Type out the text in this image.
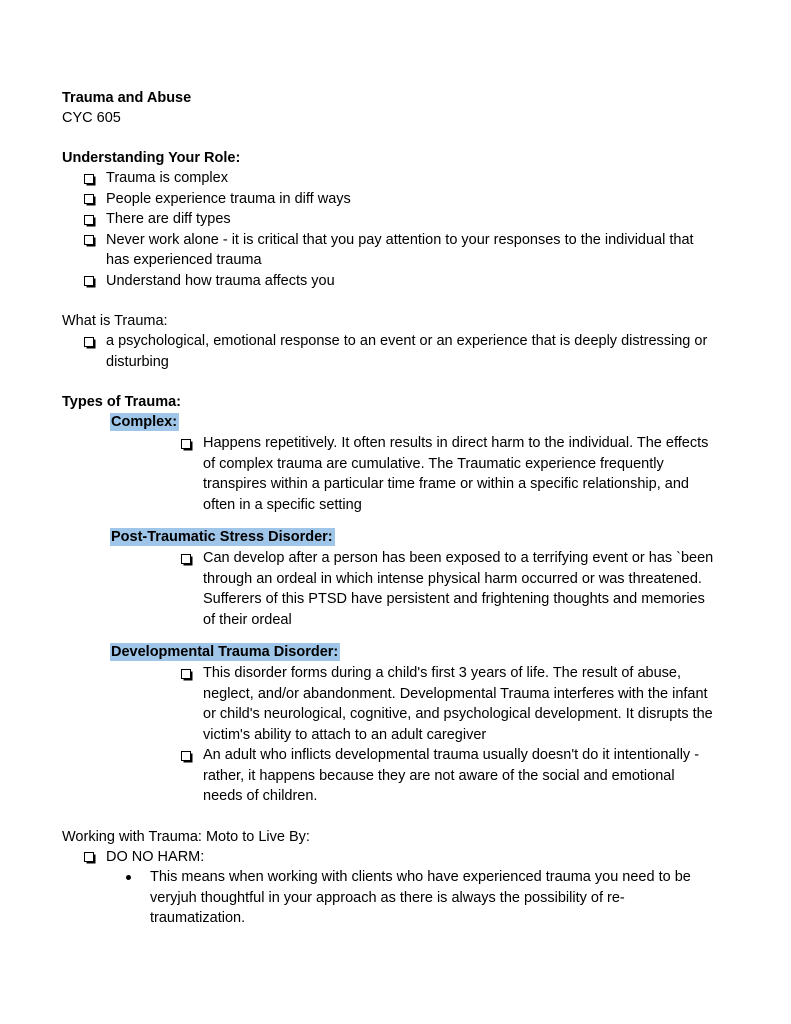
Trauma and Abuse
CYC 605
Understanding Your Role:
Trauma is complex
People experience trauma in diff ways
There are diff types
Never work alone - it is critical that you pay attention to your responses to the individual that has experienced trauma
Understand how trauma affects you
What is Trauma:
a psychological, emotional response to an event or an experience that is deeply distressing or disturbing
Types of Trauma:
Complex:
Happens repetitively. It often results in direct harm to the individual. The effects of complex trauma are cumulative. The Traumatic experience frequently transpires within a particular time frame or within a specific relationship, and often in a specific setting
Post-Traumatic Stress Disorder:
Can develop after a person has been exposed to a terrifying event or has `been through an ordeal in which intense physical harm occurred or was threatened. Sufferers of this PTSD have persistent and frightening thoughts and memories of their ordeal
Developmental Trauma Disorder:
This disorder forms during a child's first 3 years of life. The result of abuse, neglect, and/or abandonment. Developmental Trauma interferes with the infant or child's neurological, cognitive, and psychological development. It disrupts the victim's ability to attach to an adult caregiver
An adult who inflicts developmental trauma usually doesn't do it intentionally - rather, it happens because they are not aware of the social and emotional needs of children.
Working with Trauma: Moto to Live By:
DO NO HARM:
This means when working with clients who have experienced trauma you need to be veryjuh thoughtful in your approach as there is always the possibility of re-traumatization.
